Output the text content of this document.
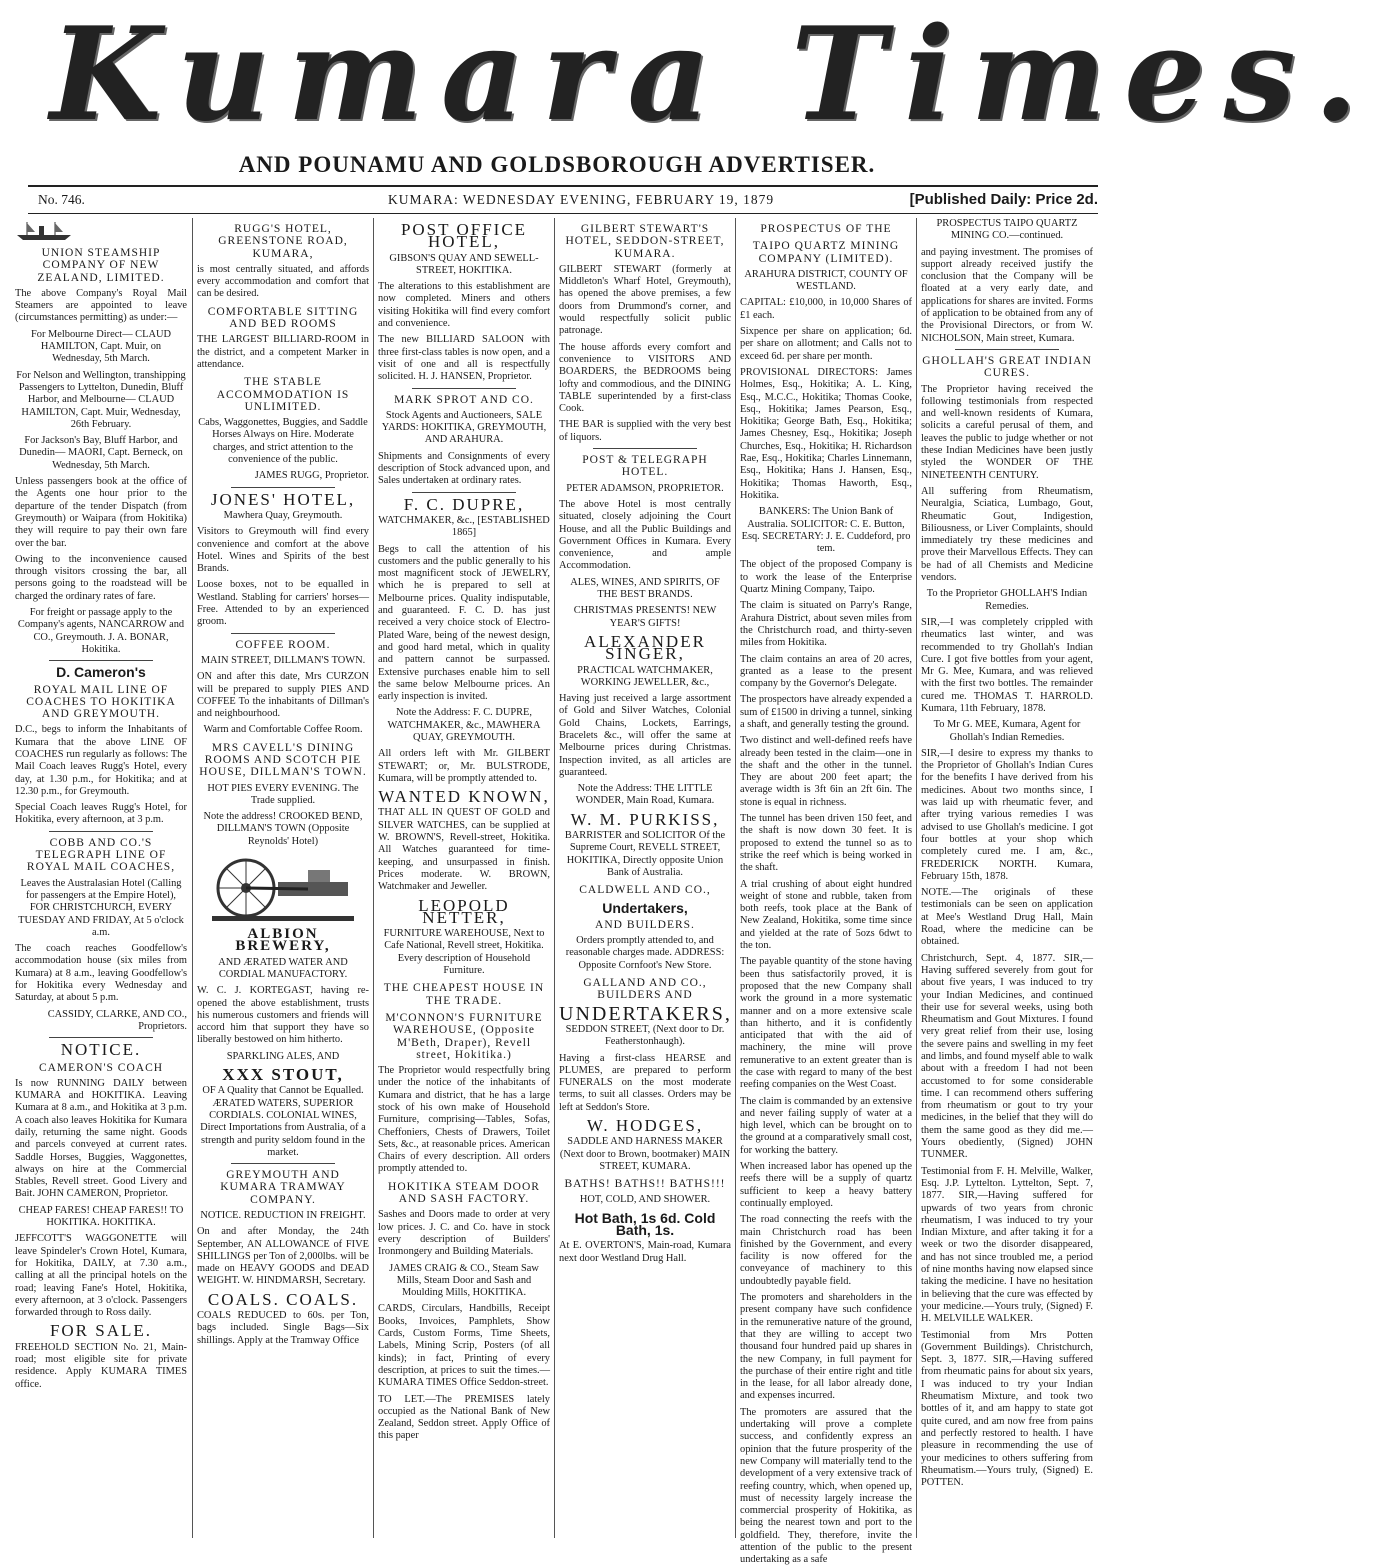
Kumara Times.
AND POUNAMU AND GOLDSBOROUGH ADVERTISER.
No. 746.	KUMARA: WEDNESDAY EVENING, FEBRUARY 19, 1879	[Published Daily: Price 2d.

UNION STEAMSHIP COMPANY OF NEW ZEALAND, LIMITED.

The above Company's Royal Mail Steamers are appointed to leave (circumstances permitting) as under:—

For Melbourne Direct— CLAUD HAMILTON, Capt. Muir, on Wednesday, 5th March.

For Nelson and Wellington, transhipping Passengers to Lyttelton, Dunedin, Bluff Harbor, and Melbourne— CLAUD HAMILTON, Capt. Muir, Wednesday, 26th February.

For Jackson's Bay, Bluff Harbor, and Dunedin— MAORI, Capt. Berneck, on Wednesday, 5th March.

Unless passengers book at the office of the Agents one hour prior to the departure of the tender Dispatch (from Greymouth) or Waipara (from Hokitika) they will require to pay their own fare over the bar.

Owing to the inconvenience caused through visitors crossing the bar, all persons going to the roadstead will be charged the ordinary rates of fare.

For freight or passage apply to the Company's agents, NANCARROW and CO., Greymouth. J. A. BONAR, Hokitika.

D. Cameron's

ROYAL MAIL LINE OF COACHES TO HOKITIKA AND GREYMOUTH.

D.C., begs to inform the Inhabitants of Kumara that the above LINE OF COACHES run regularly as follows: The Mail Coach leaves Rugg's Hotel, every day, at 1.30 p.m., for Hokitika; and at 12.30 p.m., for Greymouth.

Special Coach leaves Rugg's Hotel, for Hokitika, every afternoon, at 3 p.m.

COBB AND CO.'S TELEGRAPH LINE OF ROYAL MAIL COACHES,

Leaves the Australasian Hotel (Calling for passengers at the Empire Hotel), FOR CHRISTCHURCH, EVERY TUESDAY AND FRIDAY, At 5 o'clock a.m.

The coach reaches Goodfellow's accommodation house (six miles from Kumara) at 8 a.m., leaving Goodfellow's for Hokitika every Wednesday and Saturday, at about 5 p.m.

CASSIDY, CLARKE, AND CO., Proprietors.

NOTICE.

CAMERON'S COACH

Is now RUNNING DAILY between KUMARA and HOKITIKA. Leaving Kumara at 8 a.m., and Hokitika at 3 p.m. A coach also leaves Hokitika for Kumara daily, returning the same night. Goods and parcels conveyed at current rates. Saddle Horses, Buggies, Waggonettes, always on hire at the Commercial Stables, Revell street. Good Livery and Bait. JOHN CAMERON, Proprietor.

CHEAP FARES! CHEAP FARES!! TO HOKITIKA. HOKITIKA.

JEFFCOTT'S WAGGONETTE will leave Spindeler's Crown Hotel, Kumara, for Hokitika, DAILY, at 7.30 a.m., calling at all the principal hotels on the road; leaving Fane's Hotel, Hokitika, every afternoon, at 3 o'clock. Passengers forwarded through to Ross daily.

FOR SALE.

FREEHOLD SECTION No. 21, Main-road; most eligible site for private residence. Apply KUMARA TIMES office.

RUGG'S HOTEL, GREENSTONE ROAD, KUMARA,

is most centrally situated, and affords every accommodation and comfort that can be desired.

COMFORTABLE SITTING AND BED ROOMS

THE LARGEST BILLIARD-ROOM in the district, and a competent Marker in attendance.

THE STABLE ACCOMMODATION IS UNLIMITED.

Cabs, Waggonettes, Buggies, and Saddle Horses Always on Hire. Moderate charges, and strict attention to the convenience of the public.

JAMES RUGG, Proprietor.

JONES' HOTEL,

Mawhera Quay, Greymouth.

Visitors to Greymouth will find every convenience and comfort at the above Hotel. Wines and Spirits of the best Brands.

Loose boxes, not to be equalled in Westland. Stabling for carriers' horses—Free. Attended to by an experienced groom.

COFFEE ROOM.

MAIN STREET, DILLMAN'S TOWN.

ON and after this date, Mrs CURZON will be prepared to supply PIES AND COFFEE To the inhabitants of Dillman's and neighbourhood.

Warm and Comfortable Coffee Room.

MRS CAVELL'S DINING ROOMS AND SCOTCH PIE HOUSE, DILLMAN'S TOWN.

HOT PIES EVERY EVENING. The Trade supplied.

Note the address! CROOKED BEND, DILLMAN'S TOWN (Opposite Reynolds' Hotel)

ALBION BREWERY,

AND ÆRATED WATER AND CORDIAL MANUFACTORY.

W. C. J. KORTEGAST, having re-opened the above establishment, trusts his numerous customers and friends will accord him that support they have so liberally bestowed on him hitherto.

SPARKLING ALES, AND

XXX STOUT,

OF A Quality that Cannot be Equalled. ÆRATED WATERS, SUPERIOR CORDIALS. COLONIAL WINES, Direct Importations from Australia, of a strength and purity seldom found in the market.

GREYMOUTH AND KUMARA TRAMWAY COMPANY.

NOTICE. REDUCTION IN FREIGHT.

On and after Monday, the 24th September, AN ALLOWANCE of FIVE SHILLINGS per Ton of 2,000lbs. will be made on HEAVY GOODS and DEAD WEIGHT. W. HINDMARSH, Secretary.

COALS. COALS.

COALS REDUCED to 60s. per Ton, bags included. Single Bags—Six shillings. Apply at the Tramway Office

POST OFFICE HOTEL,

GIBSON'S QUAY AND SEWELL-STREET, HOKITIKA.

The alterations to this establishment are now completed. Miners and others visiting Hokitika will find every comfort and convenience.

The new BILLIARD SALOON with three first-class tables is now open, and a visit of one and all is respectfully solicited. H. J. HANSEN, Proprietor.

MARK SPROT AND CO.

Stock Agents and Auctioneers, SALE YARDS: HOKITIKA, GREYMOUTH, AND ARAHURA.

Shipments and Consignments of every description of Stock advanced upon, and Sales undertaken at ordinary rates.

F. C. DUPRE,

WATCHMAKER, &c., [ESTABLISHED 1865]

Begs to call the attention of his customers and the public generally to his most magnificent stock of JEWELRY, which he is prepared to sell at Melbourne prices. Quality indisputable, and guaranteed. F. C. D. has just received a very choice stock of Electro-Plated Ware, being of the newest design, and good hard metal, which in quality and pattern cannot be surpassed. Extensive purchases enable him to sell the same below Melbourne prices. An early inspection is invited.

Note the Address: F. C. DUPRE, WATCHMAKER, &c., MAWHERA QUAY, GREYMOUTH.

All orders left with Mr. GILBERT STEWART; or, Mr. BULSTRODE, Kumara, will be promptly attended to.

WANTED KNOWN,

THAT ALL IN QUEST OF GOLD and SILVER WATCHES, can be supplied at W. BROWN'S, Revell-street, Hokitika. All Watches guaranteed for time-keeping, and unsurpassed in finish. Prices moderate. W. BROWN, Watchmaker and Jeweller.

LEOPOLD NETTER,

FURNITURE WAREHOUSE, Next to Cafe National, Revell street, Hokitika. Every description of Household Furniture.

THE CHEAPEST HOUSE IN THE TRADE.

M'CONNON'S FURNITURE WAREHOUSE, (Opposite M'Beth, Draper), Revell street, Hokitika.)

The Proprietor would respectfully bring under the notice of the inhabitants of Kumara and district, that he has a large stock of his own make of Household Furniture, comprising—Tables, Sofas, Cheffoniers, Chests of Drawers, Toilet Sets, &c., at reasonable prices. American Chairs of every description. All orders promptly attended to.

HOKITIKA STEAM DOOR AND SASH FACTORY.

Sashes and Doors made to order at very low prices. J. C. and Co. have in stock every description of Builders' Ironmongery and Building Materials.

JAMES CRAIG & CO., Steam Saw Mills, Steam Door and Sash and Moulding Mills, HOKITIKA.

CARDS, Circulars, Handbills, Receipt Books, Invoices, Pamphlets, Show Cards, Custom Forms, Time Sheets, Labels, Mining Scrip, Posters (of all kinds); in fact, Printing of every description, at prices to suit the times.—KUMARA TIMES Office Seddon-street.

TO LET.—The PREMISES lately occupied as the National Bank of New Zealand, Seddon street. Apply Office of this paper

GILBERT STEWART'S HOTEL, SEDDON-STREET, KUMARA.

GILBERT STEWART (formerly at Middleton's Wharf Hotel, Greymouth), has opened the above premises, a few doors from Drummond's corner, and would respectfully solicit public patronage.

The house affords every comfort and convenience to VISITORS AND BOARDERS, the BEDROOMS being lofty and commodious, and the DINING TABLE superintended by a first-class Cook.

THE BAR is supplied with the very best of liquors.

POST & TELEGRAPH HOTEL.

PETER ADAMSON, PROPRIETOR.

The above Hotel is most centrally situated, closely adjoining the Court House, and all the Public Buildings and Government Offices in Kumara. Every convenience, and ample Accommodation.

ALES, WINES, AND SPIRITS, OF THE BEST BRANDS.

CHRISTMAS PRESENTS! NEW YEAR'S GIFTS!

ALEXANDER SINGER,

PRACTICAL WATCHMAKER, WORKING JEWELLER, &c.,

Having just received a large assortment of Gold and Silver Watches, Colonial Gold Chains, Lockets, Earrings, Bracelets &c., will offer the same at Melbourne prices during Christmas. Inspection invited, as all articles are guaranteed.

Note the Address: THE LITTLE WONDER, Main Road, Kumara.

W. M. PURKISS,

BARRISTER and SOLICITOR Of the Supreme Court, REVELL STREET, HOKITIKA, Directly opposite Union Bank of Australia.

CALDWELL AND CO.,

Undertakers,

AND BUILDERS.

Orders promptly attended to, and reasonable charges made. ADDRESS: Opposite Cornfoot's New Store.

GALLAND AND CO., BUILDERS AND

UNDERTAKERS,

SEDDON STREET, (Next door to Dr. Featherstonhaugh).

Having a first-class HEARSE and PLUMES, are prepared to perform FUNERALS on the most moderate terms, to suit all classes. Orders may be left at Seddon's Store.

W. HODGES,

SADDLE AND HARNESS MAKER (Next door to Brown, bootmaker) MAIN STREET, KUMARA.

BATHS! BATHS!! BATHS!!!

HOT, COLD, AND SHOWER.

Hot Bath, 1s 6d. Cold Bath, 1s.

At E. OVERTON'S, Main-road, Kumara next door Westland Drug Hall.

PROSPECTUS OF THE

TAIPO QUARTZ MINING COMPANY (LIMITED).

ARAHURA DISTRICT, COUNTY OF WESTLAND.

CAPITAL: £10,000, in 10,000 Shares of £1 each.

Sixpence per share on application; 6d. per share on allotment; and Calls not to exceed 6d. per share per month.

PROVISIONAL DIRECTORS: James Holmes, Esq., Hokitika; A. L. King, Esq., M.C.C., Hokitika; Thomas Cooke, Esq., Hokitika; James Pearson, Esq., Hokitika; George Bath, Esq., Hokitika; James Chesney, Esq., Hokitika; Joseph Churches, Esq., Hokitika; H. Richardson Rae, Esq., Hokitika; Charles Linnemann, Esq., Hokitika; Hans J. Hansen, Esq., Hokitika; Thomas Haworth, Esq., Hokitika.

BANKERS: The Union Bank of Australia. SOLICITOR: C. E. Button, Esq. SECRETARY: J. E. Cuddeford, pro tem.

The object of the proposed Company is to work the lease of the Enterprise Quartz Mining Company, Taipo.

The claim is situated on Parry's Range, Arahura District, about seven miles from the Christchurch road, and thirty-seven miles from Hokitika.

The claim contains an area of 20 acres, granted as a lease to the present company by the Governor's Delegate.

The prospectors have already expended a sum of £1500 in driving a tunnel, sinking a shaft, and generally testing the ground.

Two distinct and well-defined reefs have already been tested in the claim—one in the shaft and the other in the tunnel. They are about 200 feet apart; the average width is 3ft 6in an 2ft 6in. The stone is equal in richness.

The tunnel has been driven 150 feet, and the shaft is now down 30 feet. It is proposed to extend the tunnel so as to strike the reef which is being worked in the shaft.

A trial crushing of about eight hundred weight of stone and rubble, taken from both reefs, took place at the Bank of New Zealand, Hokitika, some time since and yielded at the rate of 5ozs 6dwt to the ton.

The payable quantity of the stone having been thus satisfactorily proved, it is proposed that the new Company shall work the ground in a more systematic manner and on a more extensive scale than hitherto, and it is confidently anticipated that with the aid of machinery, the mine will prove remunerative to an extent greater than is the case with regard to many of the best reefing companies on the West Coast.

The claim is commanded by an extensive and never failing supply of water at a high level, which can be brought on to the ground at a comparatively small cost, for working the battery.

When increased labor has opened up the reefs there will be a supply of quartz sufficient to keep a heavy battery continually employed.

The road connecting the reefs with the main Christchurch road has been finished by the Government, and every facility is now offered for the conveyance of machinery to this undoubtedly payable field.

The promoters and shareholders in the present company have such confidence in the remunerative nature of the ground, that they are willing to accept two thousand four hundred paid up shares in the new Company, in full payment for the purchase of their entire right and title in the lease, for all labor already done, and expenses incurred.

The promoters are assured that the undertaking will prove a complete success, and confidently express an opinion that the future prosperity of the new Company will materially tend to the development of a very extensive track of reefing country, which, when opened up, must of necessity largely increase the commercial prosperity of Hokitika, as being the nearest town and port to the goldfield. They, therefore, invite the attention of the public to the present undertaking as a safe

PROSPECTUS TAIPO QUARTZ MINING CO.—continued.

and paying investment. The promises of support already received justify the conclusion that the Company will be floated at a very early date, and applications for shares are invited. Forms of application to be obtained from any of the Provisional Directors, or from W. NICHOLSON, Main street, Kumara.

GHOLLAH'S GREAT INDIAN CURES.

The Proprietor having received the following testimonials from respected and well-known residents of Kumara, solicits a careful perusal of them, and leaves the public to judge whether or not these Indian Medicines have been justly styled the WONDER OF THE NINETEENTH CENTURY.

All suffering from Rheumatism, Neuralgia, Sciatica, Lumbago, Gout, Rheumatic Gout, Indigestion, Biliousness, or Liver Complaints, should immediately try these medicines and prove their Marvellous Effects. They can be had of all Chemists and Medicine vendors.

To the Proprietor GHOLLAH'S Indian Remedies.

SIR,—I was completely crippled with rheumatics last winter, and was recommended to try Ghollah's Indian Cure. I got five bottles from your agent, Mr G. Mee, Kumara, and was relieved with the first two bottles. The remainder cured me. THOMAS T. HARROLD. Kumara, 11th February, 1878.

To Mr G. MEE, Kumara, Agent for Ghollah's Indian Remedies.

SIR,—I desire to express my thanks to the Proprietor of Ghollah's Indian Cures for the benefits I have derived from his medicines. About two months since, I was laid up with rheumatic fever, and after trying various remedies I was advised to use Ghollah's medicine. I got four bottles at your shop which completely cured me. I am, &c., FREDERICK NORTH. Kumara, February 15th, 1878.

NOTE.—The originals of these testimonials can be seen on application at Mee's Westland Drug Hall, Main Road, where the medicine can be obtained.

Christchurch, Sept. 4, 1877. SIR,—Having suffered severely from gout for about five years, I was induced to try your Indian Medicines, and continued their use for several weeks, using both Rheumatism and Gout Mixtures. I found very great relief from their use, losing the severe pains and swelling in my feet and limbs, and found myself able to walk about with a freedom I had not been accustomed to for some considerable time. I can recommend others suffering from rheumatism or gout to try your medicines, in the belief that they will do them the same good as they did me.—Yours obediently, (Signed) JOHN TUNMER.

Testimonial from F. H. Melville, Walker, Esq. J.P. Lyttelton. Lyttelton, Sept. 7, 1877. SIR,—Having suffered for upwards of two years from chronic rheumatism, I was induced to try your Indian Mixture, and after taking it for a week or two the disorder disappeared, and has not since troubled me, a period of nine months having now elapsed since taking the medicine. I have no hesitation in believing that the cure was effected by your medicine.—Yours truly, (Signed) F. H. MELVILLE WALKER.

Testimonial from Mrs Potten (Government Buildings). Christchurch, Sept. 3, 1877. SIR,—Having suffered from rheumatic pains for about six years, I was induced to try your Indian Rheumatism Mixture, and took two bottles of it, and am happy to state got quite cured, and am now free from pains and perfectly restored to health. I have pleasure in recommending the use of your medicines to others suffering from Rheumatism.—Yours truly, (Signed) E. POTTEN.
